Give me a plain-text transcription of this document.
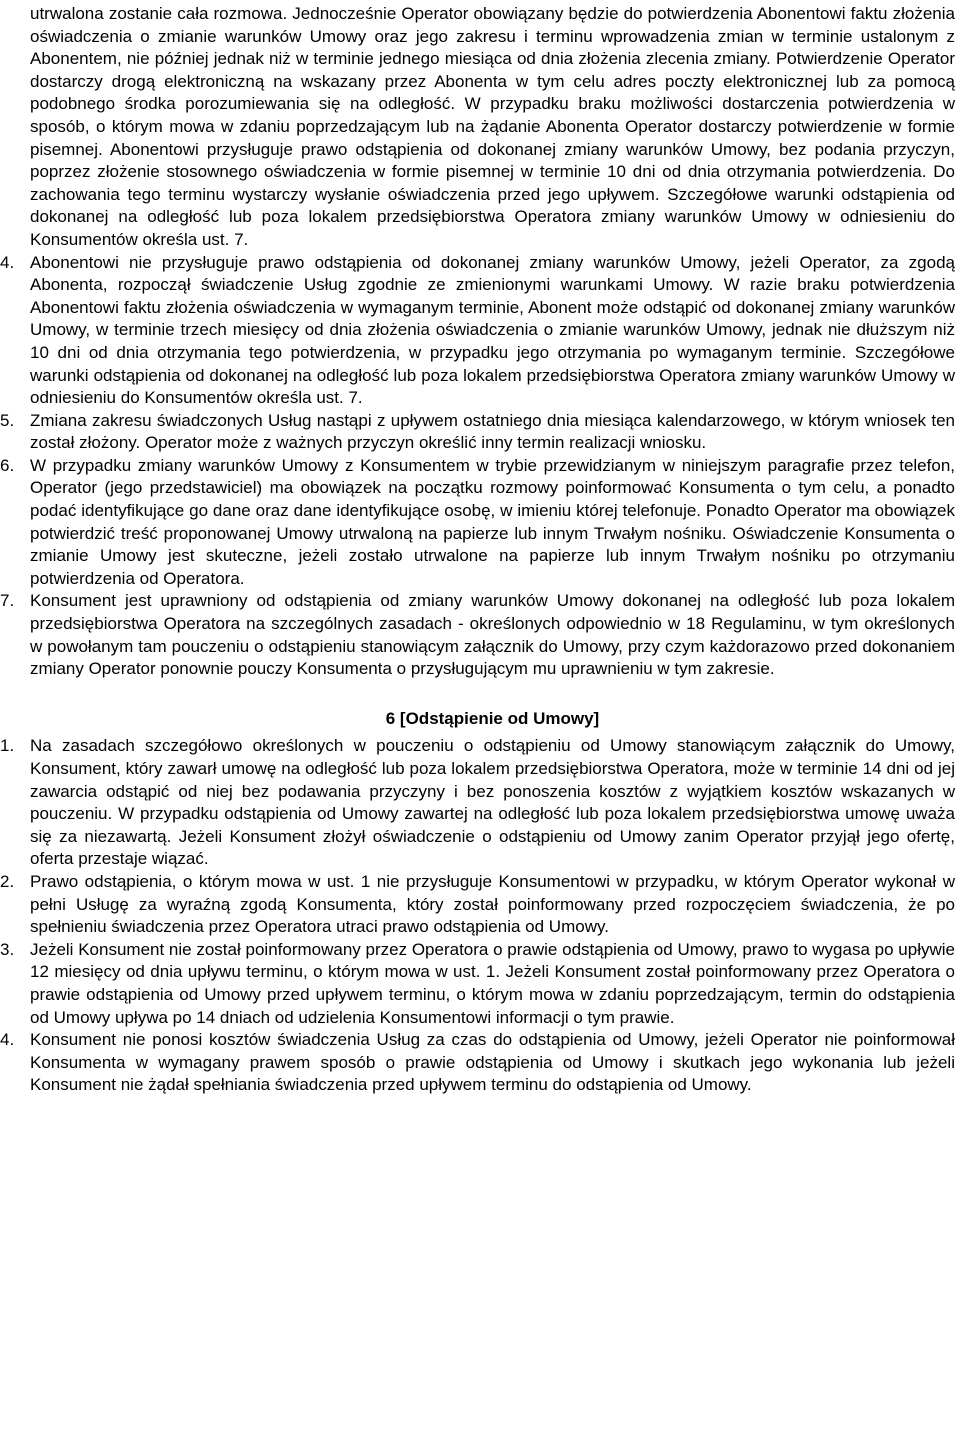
utrwalona zostanie cała rozmowa. Jednocześnie Operator obowiązany będzie do potwierdzenia Abonentowi faktu złożenia oświadczenia o zmianie warunków Umowy oraz jego zakresu i terminu wprowadzenia zmian w terminie ustalonym z Abonentem, nie później jednak niż w terminie jednego miesiąca od dnia złożenia zlecenia zmiany. Potwierdzenie Operator dostarczy drogą elektroniczną na wskazany przez Abonenta w tym celu adres poczty elektronicznej lub za pomocą podobnego środka porozumiewania się na odległość. W przypadku braku możliwości dostarczenia potwierdzenia w sposób, o którym mowa w zdaniu poprzedzającym lub na żądanie Abonenta Operator dostarczy potwierdzenie w formie pisemnej. Abonentowi przysługuje prawo odstąpienia od dokonanej zmiany warunków Umowy, bez podania przyczyn, poprzez złożenie stosownego oświadczenia w formie pisemnej w terminie 10 dni od dnia otrzymania potwierdzenia. Do zachowania tego terminu wystarczy wysłanie oświadczenia przed jego upływem. Szczegółowe warunki odstąpienia od dokonanej na odległość lub poza lokalem przedsiębiorstwa Operatora zmiany warunków Umowy w odniesieniu do Konsumentów określa ust. 7.

4. Abonentowi nie przysługuje prawo odstąpienia od dokonanej zmiany warunków Umowy, jeżeli Operator, za zgodą Abonenta, rozpoczął świadczenie Usług zgodnie ze zmienionymi warunkami Umowy. W razie braku potwierdzenia Abonentowi faktu złożenia oświadczenia w wymaganym terminie, Abonent może odstąpić od dokonanej zmiany warunków Umowy, w terminie trzech miesięcy od dnia złożenia oświadczenia o zmianie warunków Umowy, jednak nie dłuższym niż 10 dni od dnia otrzymania tego potwierdzenia, w przypadku jego otrzymania po wymaganym terminie. Szczegółowe warunki odstąpienia od dokonanej na odległość lub poza lokalem przedsiębiorstwa Operatora zmiany warunków Umowy w odniesieniu do Konsumentów określa ust. 7.
5. Zmiana zakresu świadczonych Usług nastąpi z upływem ostatniego dnia miesiąca kalendarzowego, w którym wniosek ten został złożony. Operator może z ważnych przyczyn określić inny termin realizacji wniosku.
6. W przypadku zmiany warunków Umowy z Konsumentem w trybie przewidzianym w niniejszym paragrafie przez telefon, Operator (jego przedstawiciel) ma obowiązek na początku rozmowy poinformować Konsumenta o tym celu, a ponadto podać identyfikujące go dane oraz dane identyfikujące osobę, w imieniu której telefonuje. Ponadto Operator ma obowiązek potwierdzić treść proponowanej Umowy utrwaloną na papierze lub innym Trwałym nośniku. Oświadczenie Konsumenta o zmianie Umowy jest skuteczne, jeżeli zostało utrwalone na papierze lub innym Trwałym nośniku po otrzymaniu potwierdzenia od Operatora.
7. Konsument jest uprawniony od odstąpienia od zmiany warunków Umowy dokonanej na odległość lub poza lokalem przedsiębiorstwa Operatora na szczególnych zasadach - określonych odpowiednio w 18 Regulaminu, w tym określonych w powołanym tam pouczeniu o odstąpieniu stanowiącym załącznik do Umowy, przy czym każdorazowo przed dokonaniem zmiany Operator ponownie pouczy Konsumenta o przysługującym mu uprawnieniu w tym zakresie.

6 [Odstąpienie od Umowy]

1. Na zasadach szczegółowo określonych w pouczeniu o odstąpieniu od Umowy stanowiącym załącznik do Umowy, Konsument, który zawarł umowę na odległość lub poza lokalem przedsiębiorstwa Operatora, może w terminie 14 dni od jej zawarcia odstąpić od niej bez podawania przyczyny i bez ponoszenia kosztów z wyjątkiem kosztów wskazanych w pouczeniu. W przypadku odstąpienia od Umowy zawartej na odległość lub poza lokalem przedsiębiorstwa umowę uważa się za niezawartą. Jeżeli Konsument złożył oświadczenie o odstąpieniu od Umowy zanim Operator przyjął jego ofertę, oferta przestaje wiązać.
2. Prawo odstąpienia, o którym mowa w ust. 1 nie przysługuje Konsumentowi w przypadku, w którym Operator wykonał w pełni Usługę za wyraźną zgodą Konsumenta, który został poinformowany przed rozpoczęciem świadczenia, że po spełnieniu świadczenia przez Operatora utraci prawo odstąpienia od Umowy.
3. Jeżeli Konsument nie został poinformowany przez Operatora o prawie odstąpienia od Umowy, prawo to wygasa po upływie 12 miesięcy od dnia upływu terminu, o którym mowa w ust. 1. Jeżeli Konsument został poinformowany przez Operatora o prawie odstąpienia od Umowy przed upływem terminu, o którym mowa w zdaniu poprzedzającym, termin do odstąpienia od Umowy upływa po 14 dniach od udzielenia Konsumentowi informacji o tym prawie.
4. Konsument nie ponosi kosztów świadczenia Usług za czas do odstąpienia od Umowy, jeżeli Operator nie poinformował Konsumenta w wymagany prawem sposób o prawie odstąpienia od Umowy i skutkach jego wykonania lub jeżeli Konsument nie żądał spełniania świadczenia przed upływem terminu do odstąpienia od Umowy.
